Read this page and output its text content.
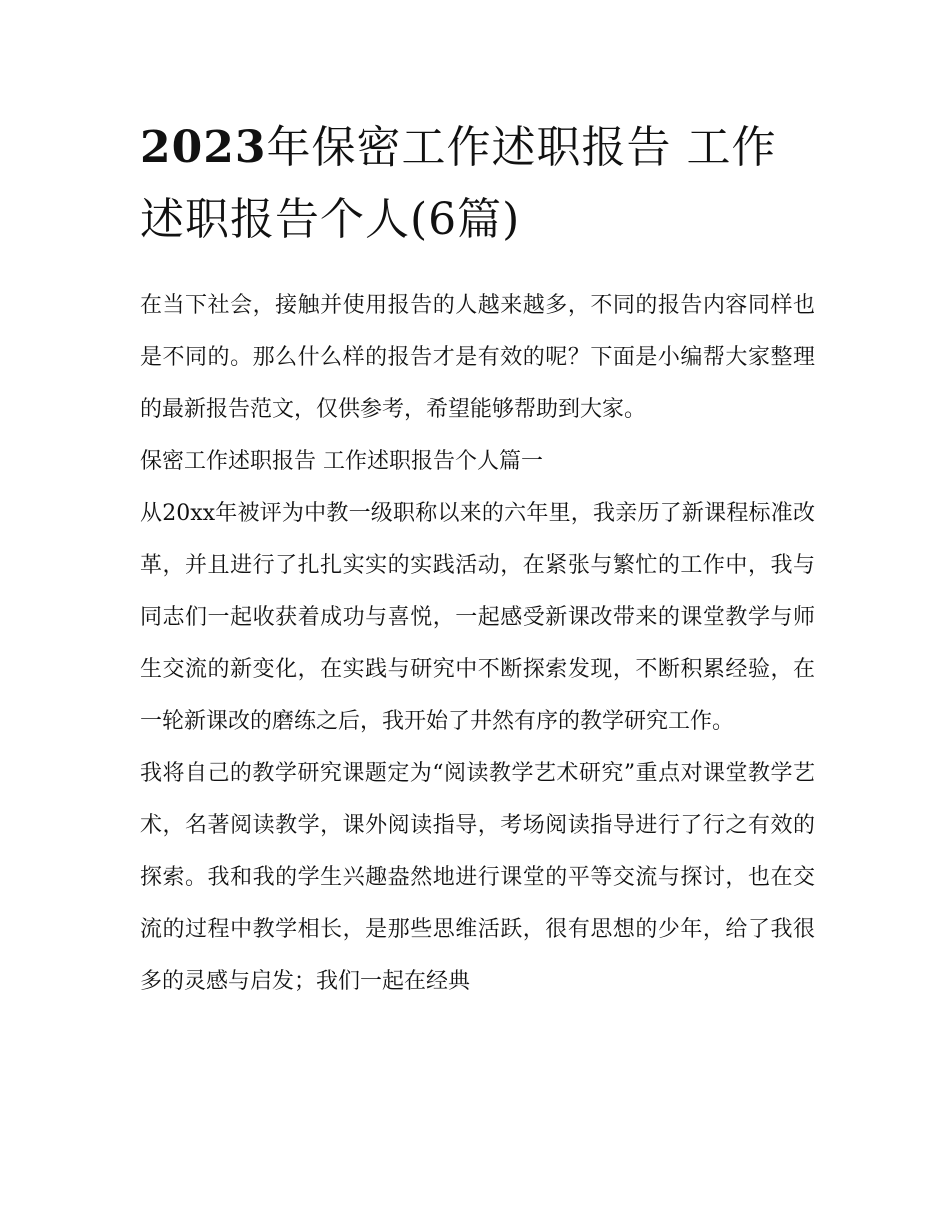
2023年保密工作述职报告 工作述职报告个人(6篇)

在当下社会，接触并使用报告的人越来越多，不同的报告内容同样也是不同的。那么什么样的报告才是有效的呢？下面是小编帮大家整理的最新报告范文，仅供参考，希望能够帮助到大家。

保密工作述职报告 工作述职报告个人篇一

从20xx年被评为中教一级职称以来的六年里，我亲历了新课程标准改革，并且进行了扎扎实实的实践活动，在紧张与繁忙的工作中，我与同志们一起收获着成功与喜悦，一起感受新课改带来的课堂教学与师生交流的新变化，在实践与研究中不断探索发现，不断积累经验，在一轮新课改的磨练之后，我开始了井然有序的教学研究工作。

我将自己的教学研究课题定为“阅读教学艺术研究”重点对课堂教学艺术，名著阅读教学，课外阅读指导，考场阅读指导进行了行之有效的探索。我和我的学生兴趣盎然地进行课堂的平等交流与探讨，也在交流的过程中教学相长，是那些思维活跃，很有思想的少年，给了我很多的灵感与启发；我们一起在经典
